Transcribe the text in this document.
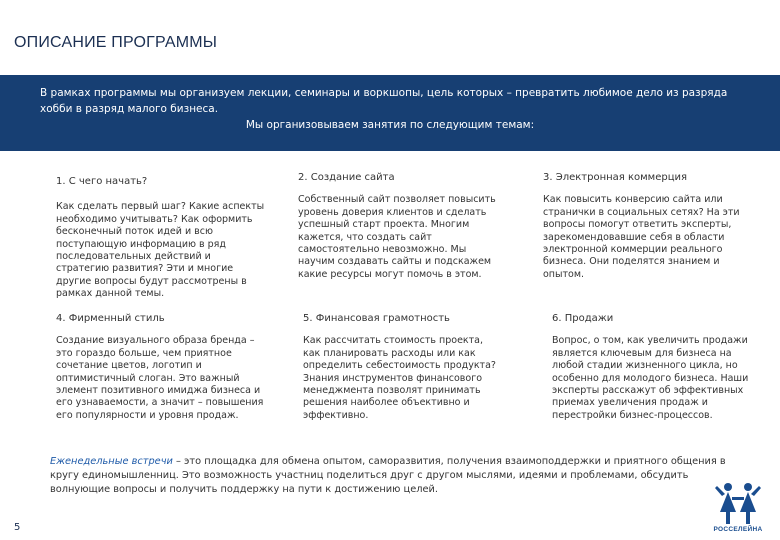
ОПИСАНИЕ ПРОГРАММЫ
В рамках программы мы организуем лекции, семинары и воркшопы, цель которых – превратить любимое дело из разряда хобби в разряд малого бизнеса.
Мы организовываем занятия по следующим темам:
1. С чего начать?
Как сделать первый шаг? Какие аспекты необходимо учитывать? Как оформить бесконечный поток идей и всю поступающую информацию в ряд последовательных действий и стратегию развития? Эти и многие другие вопросы будут рассмотрены в рамках данной темы.
2. Создание сайта
Собственный сайт позволяет повысить уровень доверия клиентов и сделать успешный старт проекта. Многим кажется, что создать сайт самостоятельно невозможно. Мы научим создавать сайты и подскажем какие ресурсы могут помочь в этом.
3. Электронная коммерция
Как повысить конверсию сайта или странички в социальных сетях? На эти вопросы помогут ответить эксперты, зарекомендовавшие себя в области электронной коммерции реального бизнеса. Они поделятся знанием и опытом.
4. Фирменный стиль
Создание визуального образа бренда – это гораздо больше, чем приятное сочетание цветов, логотип и оптимистичный слоган. Это важный элемент позитивного имиджа бизнеса и его узнаваемости, а значит – повышения его популярности и уровня продаж.
5. Финансовая грамотность
Как рассчитать стоимость проекта, как планировать расходы или как определить себестоимость продукта? Знания инструментов финансового менеджмента позволят принимать решения наиболее объективно и эффективно.
6. Продажи
Вопрос, о том, как увеличить продажи является ключевым для бизнеса на любой стадии жизненного цикла, но особенно для молодого бизнеса. Наши эксперты расскажут об эффективных приемах увеличения продаж и перестройки бизнес-процессов.
Еженедельные встречи – это площадка для обмена опытом, саморазвития, получения взаимоподдержки и приятного общения в кругу единомышленниц. Это возможность участниц поделиться друг с другом мыслями, идеями и проблемами, обсудить волнующие вопросы и получить поддержку на пути к достижению целей.
5	РОССЕЛЕЙНА
